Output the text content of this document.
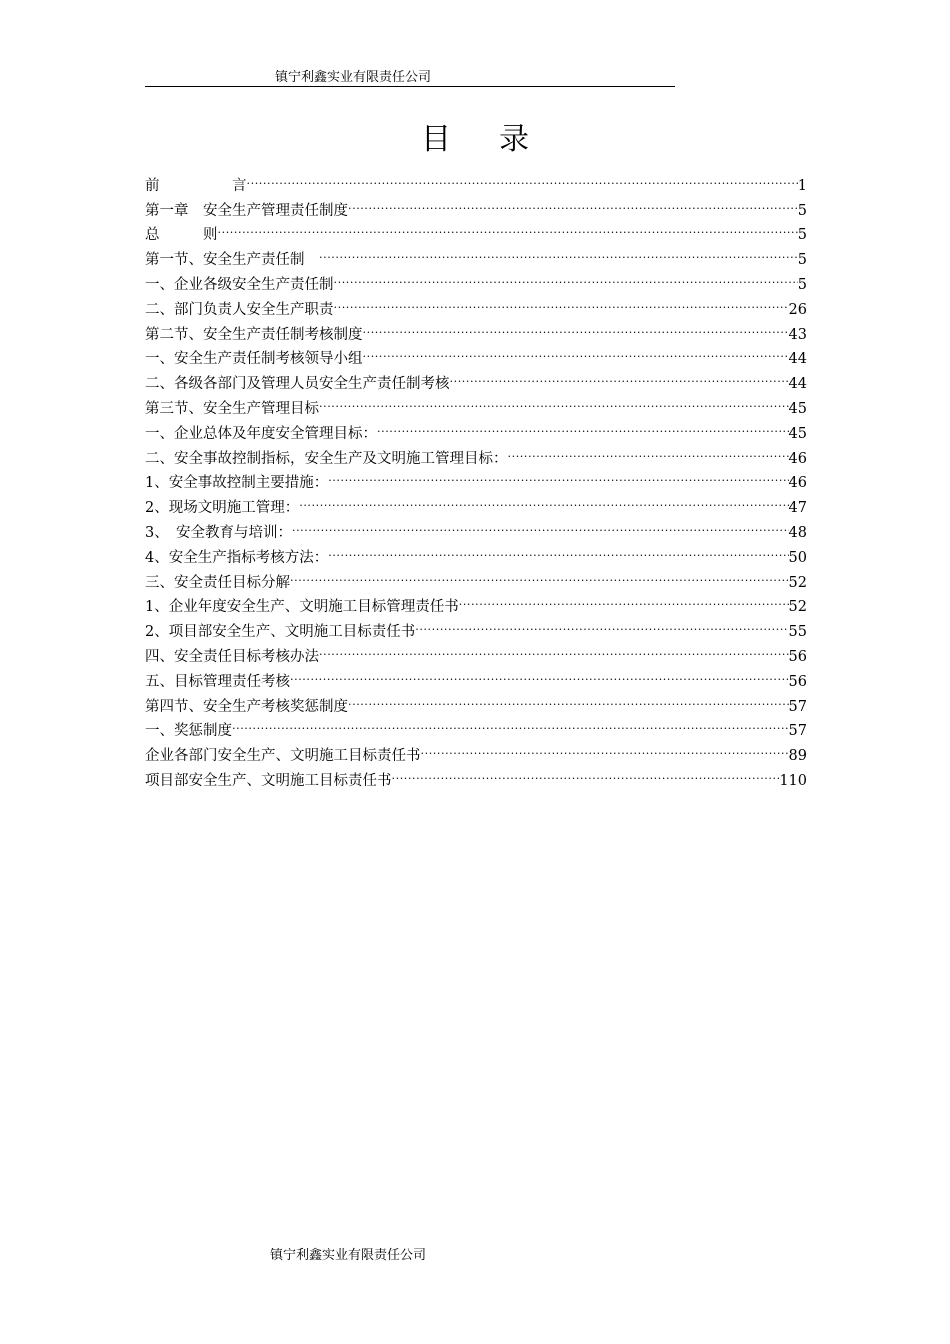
镇宁利鑫实业有限责任公司
目录
前　　　　　言 .....	1
第一章　安全生产管理责任制度 .....	5
总　　　则 .....	5
第一节、安全生产责任制　 .....	5
一、企业各级安全生产责任制 .....	5
二、部门负责人安全生产职责 .....	26
第二节、安全生产责任制考核制度 .....	43
一、安全生产责任制考核领导小组 .....	44
二、各级各部门及管理人员安全生产责任制考核 .....	44
第三节、安全生产管理目标 .....	45
一、企业总体及年度安全管理目标： .....	45
二、安全事故控制指标，安全生产及文明施工管理目标： .....	46
1、安全事故控制主要措施： .....	46
2、现场文明施工管理： .....	47
3、　安全教育与培训： .....	48
4、安全生产指标考核方法： .....	50
三、安全责任目标分解 .....	52
1、企业年度安全生产、文明施工目标管理责任书 .....	52
2、项目部安全生产、文明施工目标责任书 .....	55
四、安全责任目标考核办法 .....	56
五、目标管理责任考核 .....	56
第四节、安全生产考核奖惩制度 .....	57
一、奖惩制度 .....	57
企业各部门安全生产、文明施工目标责任书 .....	89
项目部安全生产、文明施工目标责任书 .....	110
镇宁利鑫实业有限责任公司
